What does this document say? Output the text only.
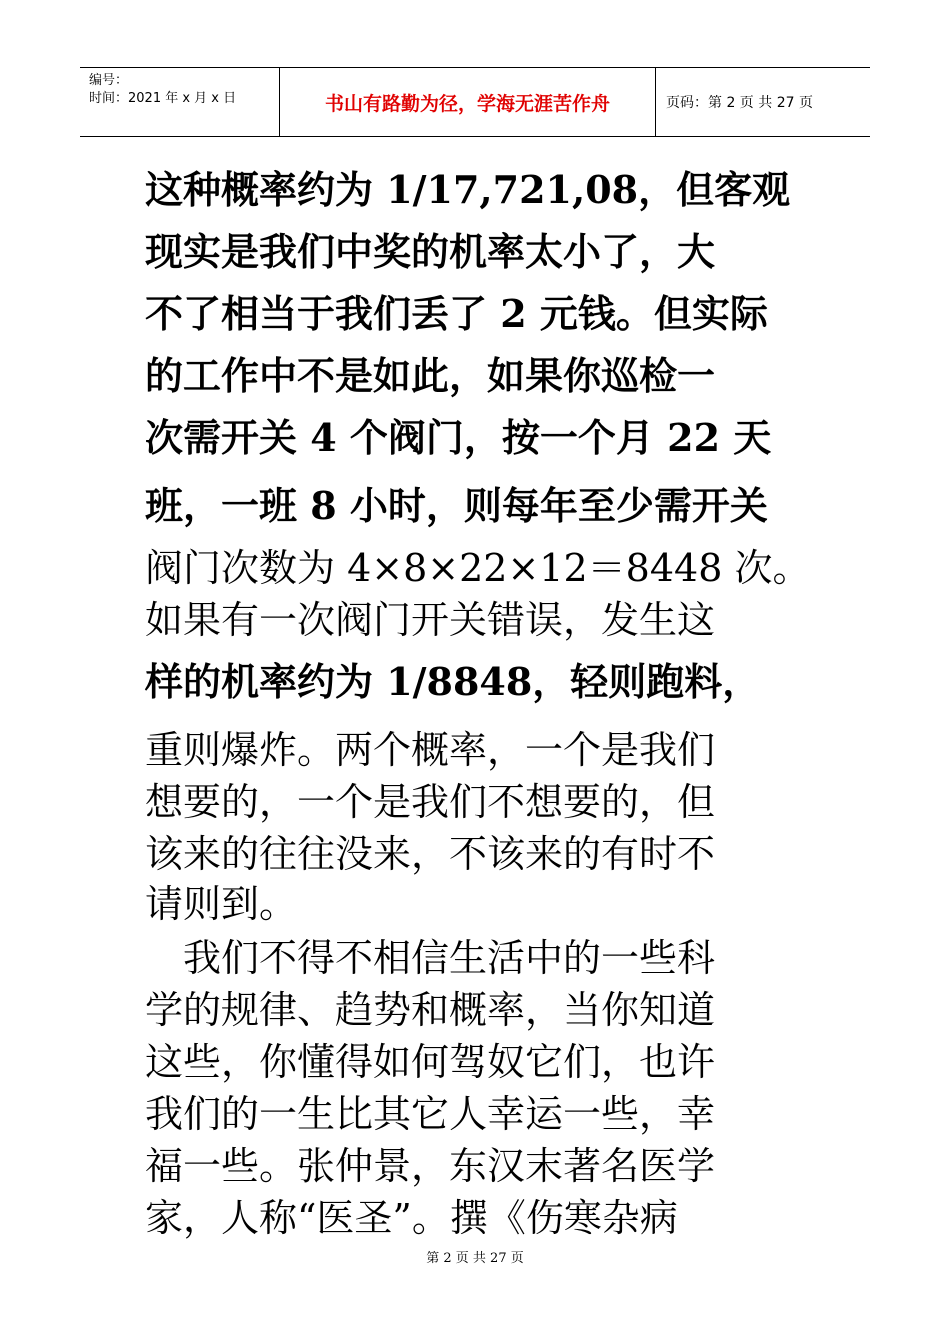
编号：
时间：2021 年 x 月 x 日	书山有路勤为径，学海无涯苦作舟	页码：第 2 页 共 27 页
这种概率约为 1/17,721,08，但客观
现实是我们中奖的机率太小了，大
不了相当于我们丢了 2 元钱。但实际
的工作中不是如此，如果你巡检一
次需开关 4 个阀门，按一个月 22 天
班，一班 8 小时，则每年至少需开关
阀门次数为 4×8×22×12＝8448 次。
如果有一次阀门开关错误，发生这
样的机率约为 1/8848，轻则跑料，
重则爆炸。两个概率，一个是我们
想要的，一个是我们不想要的，但
该来的往往没来，不该来的有时不
请则到。
　我们不得不相信生活中的一些科
学的规律、趋势和概率，当你知道
这些，你懂得如何驾奴它们，也许
我们的一生比其它人幸运一些，幸
福一些。张仲景，东汉末著名医学
家，人称“医圣”。撰《伤寒杂病
第 2 页 共 27 页
